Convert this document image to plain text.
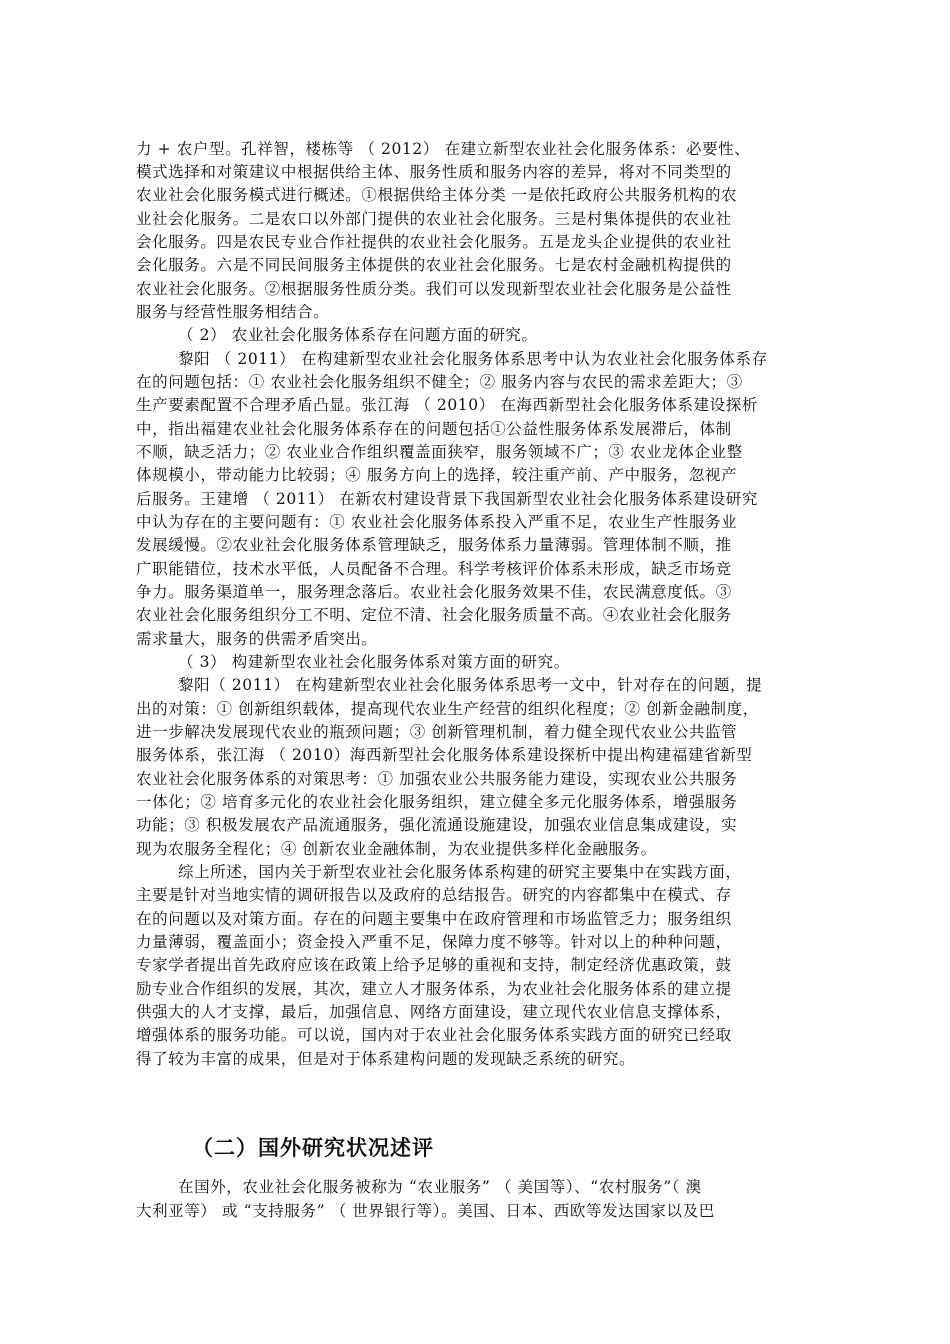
力 + 农户型。孔祥智，楼栋等 （ 2012） 在建立新型农业社会化服务体系：必要性、
模式选择和对策建议中根据供给主体、服务性质和服务内容的差异，将对不同类型的
农业社会化服务模式进行概述。①根据供给主体分类 一是依托政府公共服务机构的农
业社会化服务。二是农口以外部门提供的农业社会化服务。三是村集体提供的农业社
会化服务。四是农民专业合作社提供的农业社会化服务。五是龙头企业提供的农业社
会化服务。六是不同民间服务主体提供的农业社会化服务。七是农村金融机构提供的
农业社会化服务。②根据服务性质分类。我们可以发现新型农业社会化服务是公益性
服务与经营性服务相结合。
（ 2） 农业社会化服务体系存在问题方面的研究。
黎阳 （ 2011） 在构建新型农业社会化服务体系思考中认为农业社会化服务体系存
在的问题包括：① 农业社会化服务组织不健全；② 服务内容与农民的需求差距大；③
生产要素配置不合理矛盾凸显。张江海 （ 2010） 在海西新型社会化服务体系建设探析
中，指出福建农业社会化服务体系存在的问题包括①公益性服务体系发展滞后，体制
不顺，缺乏活力；② 农业业合作组织覆盖面狭窄，服务领域不广；③ 农业龙体企业整
体规模小，带动能力比较弱；④ 服务方向上的选择，较注重产前、产中服务，忽视产
后服务。王建增 （ 2011） 在新农村建设背景下我国新型农业社会化服务体系建设研究
中认为存在的主要问题有：① 农业社会化服务体系投入严重不足，农业生产性服务业
发展缓慢。②农业社会化服务体系管理缺乏，服务体系力量薄弱。管理体制不顺，推
广职能错位，技术水平低，人员配备不合理。科学考核评价体系未形成，缺乏市场竞
争力。服务渠道单一，服务理念落后。农业社会化服务效果不佳，农民满意度低。③
农业社会化服务组织分工不明、定位不清、社会化服务质量不高。④农业社会化服务
需求量大，服务的供需矛盾突出。
（ 3） 构建新型农业社会化服务体系对策方面的研究。
黎阳（ 2011） 在构建新型农业社会化服务体系思考一文中，针对存在的问题，提
出的对策：① 创新组织载体，提高现代农业生产经营的组织化程度；② 创新金融制度，
进一步解决发展现代农业的瓶颈问题；③ 创新管理机制，着力健全现代农业公共监管
服务体系，张江海 （ 2010）海西新型社会化服务体系建设探析中提出构建福建省新型
农业社会化服务体系的对策思考：① 加强农业公共服务能力建设，实现农业公共服务
一体化；② 培育多元化的农业社会化服务组织，建立健全多元化服务体系，增强服务
功能；③ 积极发展农产品流通服务，强化流通设施建设，加强农业信息集成建设，实
现为农服务全程化；④ 创新农业金融体制，为农业提供多样化金融服务。
综上所述，国内关于新型农业社会化服务体系构建的研究主要集中在实践方面，
主要是针对当地实情的调研报告以及政府的总结报告。研究的内容都集中在模式、存
在的问题以及对策方面。存在的问题主要集中在政府管理和市场监管乏力；服务组织
力量薄弱，覆盖面小；资金投入严重不足，保障力度不够等。针对以上的种种问题，
专家学者提出首先政府应该在政策上给予足够的重视和支持，制定经济优惠政策，鼓
励专业合作组织的发展，其次，建立人才服务体系，为农业社会化服务体系的建立提
供强大的人才支撑，最后，加强信息、网络方面建设，建立现代农业信息支撑体系，
增强体系的服务功能。可以说，国内对于农业社会化服务体系实践方面的研究已经取
得了较为丰富的成果，但是对于体系建构问题的发现缺乏系统的研究。
（二）国外研究状况述评
在国外，农业社会化服务被称为 “农业服务” （ 美国等）、“农村服务”（ 澳
大利亚等） 或 “支持服务” （ 世界银行等）。美国、日本、西欧等发达国家以及巴
